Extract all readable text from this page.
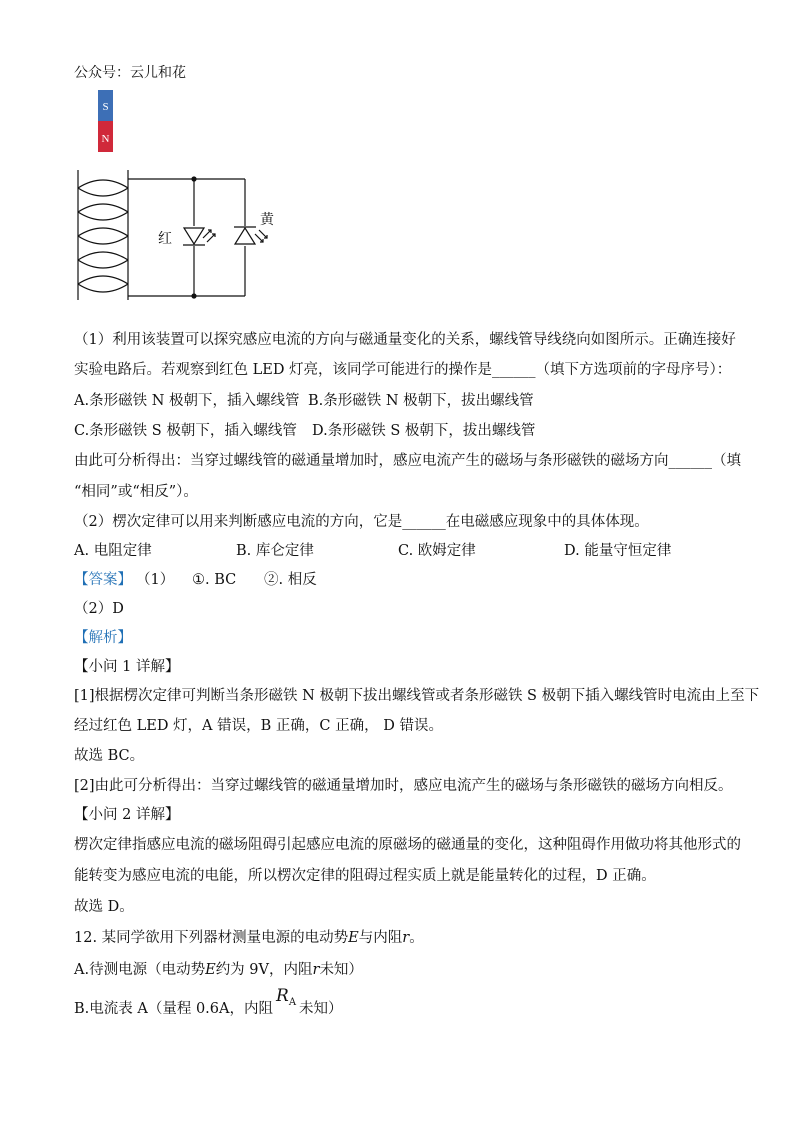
公众号：云儿和花
S
N
红
黄
（1）利用该装置可以探究感应电流的方向与磁通量变化的关系，螺线管导线绕向如图所示。正确连接好
实验电路后。若观察到红色 LED 灯亮，该同学可能进行的操作是______（填下方选项前的字母序号）：
A.条形磁铁 N 极朝下，插入螺线管 B.条形磁铁 N 极朝下，拔出螺线管
C.条形磁铁 S 极朝下，插入螺线管 D.条形磁铁 S 极朝下，拔出螺线管
由此可分析得出：当穿过螺线管的磁通量增加时，感应电流产生的磁场与条形磁铁的磁场方向______（填
“相同”或“相反”）。
（2）楞次定律可以用来判断感应电流的方向，它是______在电磁感应现象中的具体体现。
A. 电阻定律	B. 库仑定律	C. 欧姆定律	D. 能量守恒定律
【答案】 （1） ①. BC ②. 相反
（2）D
【解析】
【小问 1 详解】
[1]根据楞次定律可判断当条形磁铁 N 极朝下拔出螺线管或者条形磁铁 S 极朝下插入螺线管时电流由上至下
经过红色 LED 灯，A 错误，B 正确，C 正确， D 错误。
故选 BC。
[2]由此可分析得出：当穿过螺线管的磁通量增加时，感应电流产生的磁场与条形磁铁的磁场方向相反。
【小问 2 详解】
楞次定律指感应电流的磁场阻碍引起感应电流的原磁场的磁通量的变化，这种阻碍作用做功将其他形式的
能转变为感应电流的电能，所以楞次定律的阻碍过程实质上就是能量转化的过程，D 正确。
故选 D。
12. 某同学欲用下列器材测量电源的电动势E与内阻r。
A.待测电源（电动势E约为 9V，内阻r未知）
B.电流表 A（量程 0.6A，内阻$R_A$ 未知）
